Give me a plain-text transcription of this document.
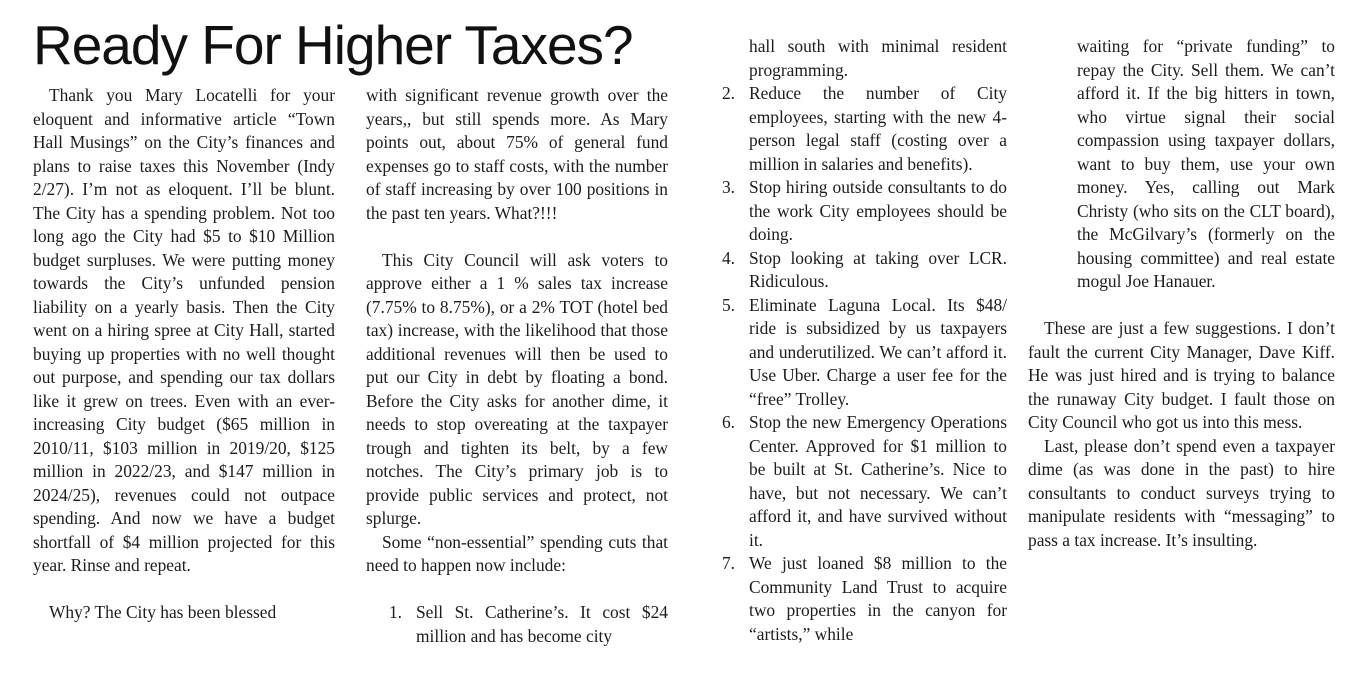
Ready For Higher Taxes?

Thank you Mary Locatelli for your eloquent and informative article “Town Hall Musings” on the City’s finances and plans to raise taxes this November (Indy 2/27). I’m not as eloquent. I’ll be blunt. The City has a spending problem. Not too long ago the City had $5 to $10 Million budget surpluses. We were putting money towards the City’s unfunded pension liability on a yearly basis. Then the City went on a hiring spree at City Hall, started buying up properties with no well thought out purpose, and spending our tax dollars like it grew on trees. Even with an ever-increasing City budget ($65 million in 2010/11, $103 million in 2019/20, $125 million in 2022/23, and $147 million in 2024/25), revenues could not outpace spending. And now we have a budget shortfall of $4 million projected for this year. Rinse and repeat.

Why? The City has been blessed

with significant revenue growth over the years,, but still spends more. As Mary points out, about 75% of general fund expenses go to staff costs, with the number of staff increasing by over 100 positions in the past ten years. What?!!!

This City Council will ask voters to approve either a 1 % sales tax increase (7.75% to 8.75%), or a 2% TOT (hotel bed tax) increase, with the likelihood that those additional revenues will then be used to put our City in debt by floating a bond. Before the City asks for another dime, it needs to stop overeating at the taxpayer trough and tighten its belt, by a few notches. The City’s primary job is to provide public services and protect, not splurge.

Some “non-essential” spending cuts that need to happen now include:

1. Sell St. Catherine’s. It cost $24 million and has become city

hall south with minimal resident programming.

2. Reduce the number of City employees, starting with the new 4-person legal staff (costing over a million in salaries and benefits).
3. Stop hiring outside consultants to do the work City employees should be doing.
4. Stop looking at taking over LCR. Ridiculous.
5. Eliminate Laguna Local. Its $48/ ride is subsidized by us taxpayers and underutilized. We can’t afford it. Use Uber. Charge a user fee for the “free” Trolley.
6. Stop the new Emergency Operations Center. Approved for $1 million to be built at St. Catherine’s. Nice to have, but not necessary. We can’t afford it, and have survived without it.
7. We just loaned $8 million to the Community Land Trust to acquire two properties in the canyon for “artists,” while

waiting for “private funding” to repay the City. Sell them. We can’t afford it. If the big hitters in town, who virtue signal their social compassion using taxpayer dollars, want to buy them, use your own money. Yes, calling out Mark Christy (who sits on the CLT board), the McGilvary’s (formerly on the housing committee) and real estate mogul Joe Hanauer.

These are just a few suggestions. I don’t fault the current City Manager, Dave Kiff. He was just hired and is trying to balance the runaway City budget. I fault those on City Council who got us into this mess.

Last, please don’t spend even a taxpayer dime (as was done in the past) to hire consultants to conduct surveys trying to manipulate residents with “messaging” to pass a tax increase. It’s insulting.
